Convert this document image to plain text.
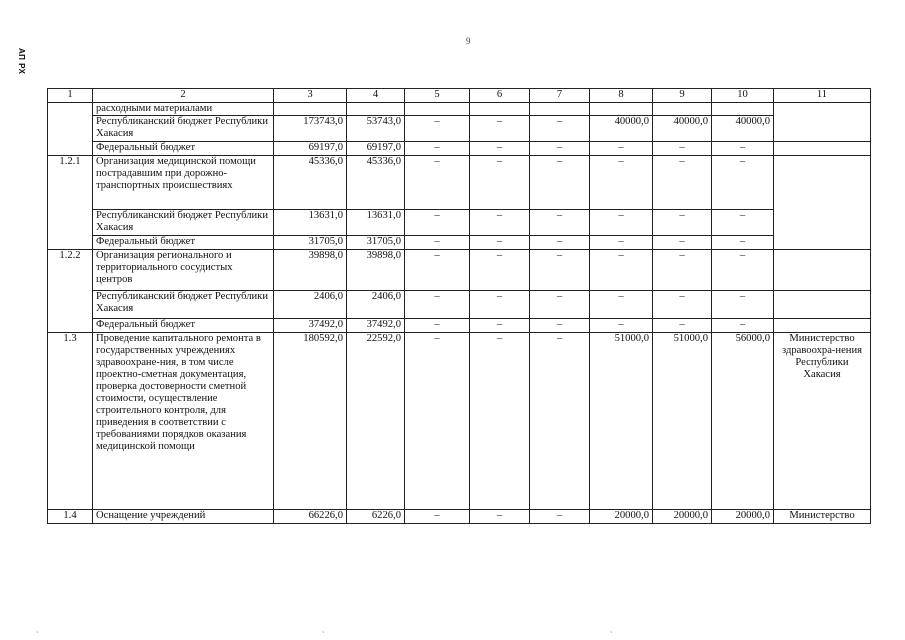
АП РХ
9
1	2	3	4	5	6	7	8	9	10	11
	расходными материалами									
	Республиканский бюджет Республики Хакасия	173743,0	53743,0	–	–	–	40000,0	40000,0	40000,0	
	Федеральный бюджет	69197,0	69197,0	–	–	–	–	–	–	
1.2.1	Организация медицинской помощи пострадавшим при дорожно-транспортных происшествиях	45336,0	45336,0	–	–	–	–	–	–	
	Республиканский бюджет Республики Хакасия	13631,0	13631,0	–	–	–	–	–	–	
	Федеральный бюджет	31705,0	31705,0	–	–	–	–	–	–	
1.2.2	Организация регионального и территориального сосудистых центров	39898,0	39898,0	–	–	–	–	–	–	
	Республиканский бюджет Республики Хакасия	2406,0	2406,0	–	–	–	–	–	–	
	Федеральный бюджет	37492,0	37492,0	–	–	–	–	–	–	
1.3	Проведение капитального ремонта в государственных учреждениях здравоохране-ния, в том числе проектно-сметная документация, проверка достоверности сметной стоимости, осуществление строительного контроля, для приведения в соответствии с требованиями порядков оказания медицинской помощи	180592,0	22592,0	–	–	–	51000,0	51000,0	56000,0	Министерство здравоохра-нения Республики Хакасия
1.4	Оснащение учреждений	66226,0	6226,0	–	–	–	20000,0	20000,0	20000,0	Министерство
·	·	·
